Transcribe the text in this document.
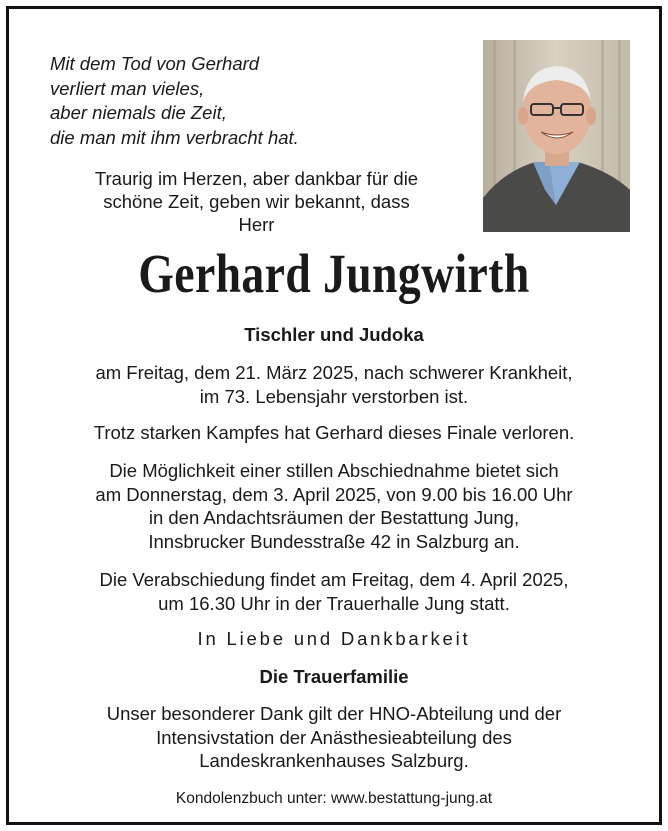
Mit dem Tod von Gerhard
verliert man vieles,
aber niemals die Zeit,
die man mit ihm verbracht hat.
Traurig im Herzen, aber dankbar für die
schöne Zeit, geben wir bekannt, dass
Herr
Gerhard Jungwirth
Tischler und Judoka
am Freitag, dem 21. März 2025, nach schwerer Krankheit,
im 73. Lebensjahr verstorben ist.
Trotz starken Kampfes hat Gerhard dieses Finale verloren.
Die Möglichkeit einer stillen Abschiednahme bietet sich
am Donnerstag, dem 3. April 2025, von 9.00 bis 16.00 Uhr
in den Andachtsräumen der Bestattung Jung,
Innsbrucker Bundesstraße 42 in Salzburg an.
Die Verabschiedung findet am Freitag, dem 4. April 2025,
um 16.30 Uhr in der Trauerhalle Jung statt.
In Liebe und Dankbarkeit
Die Trauerfamilie
Unser besonderer Dank gilt der HNO-Abteilung und der
Intensivstation der Anästhesieabteilung des
Landeskrankenhauses Salzburg.
Kondolenzbuch unter: www.bestattung-jung.at
